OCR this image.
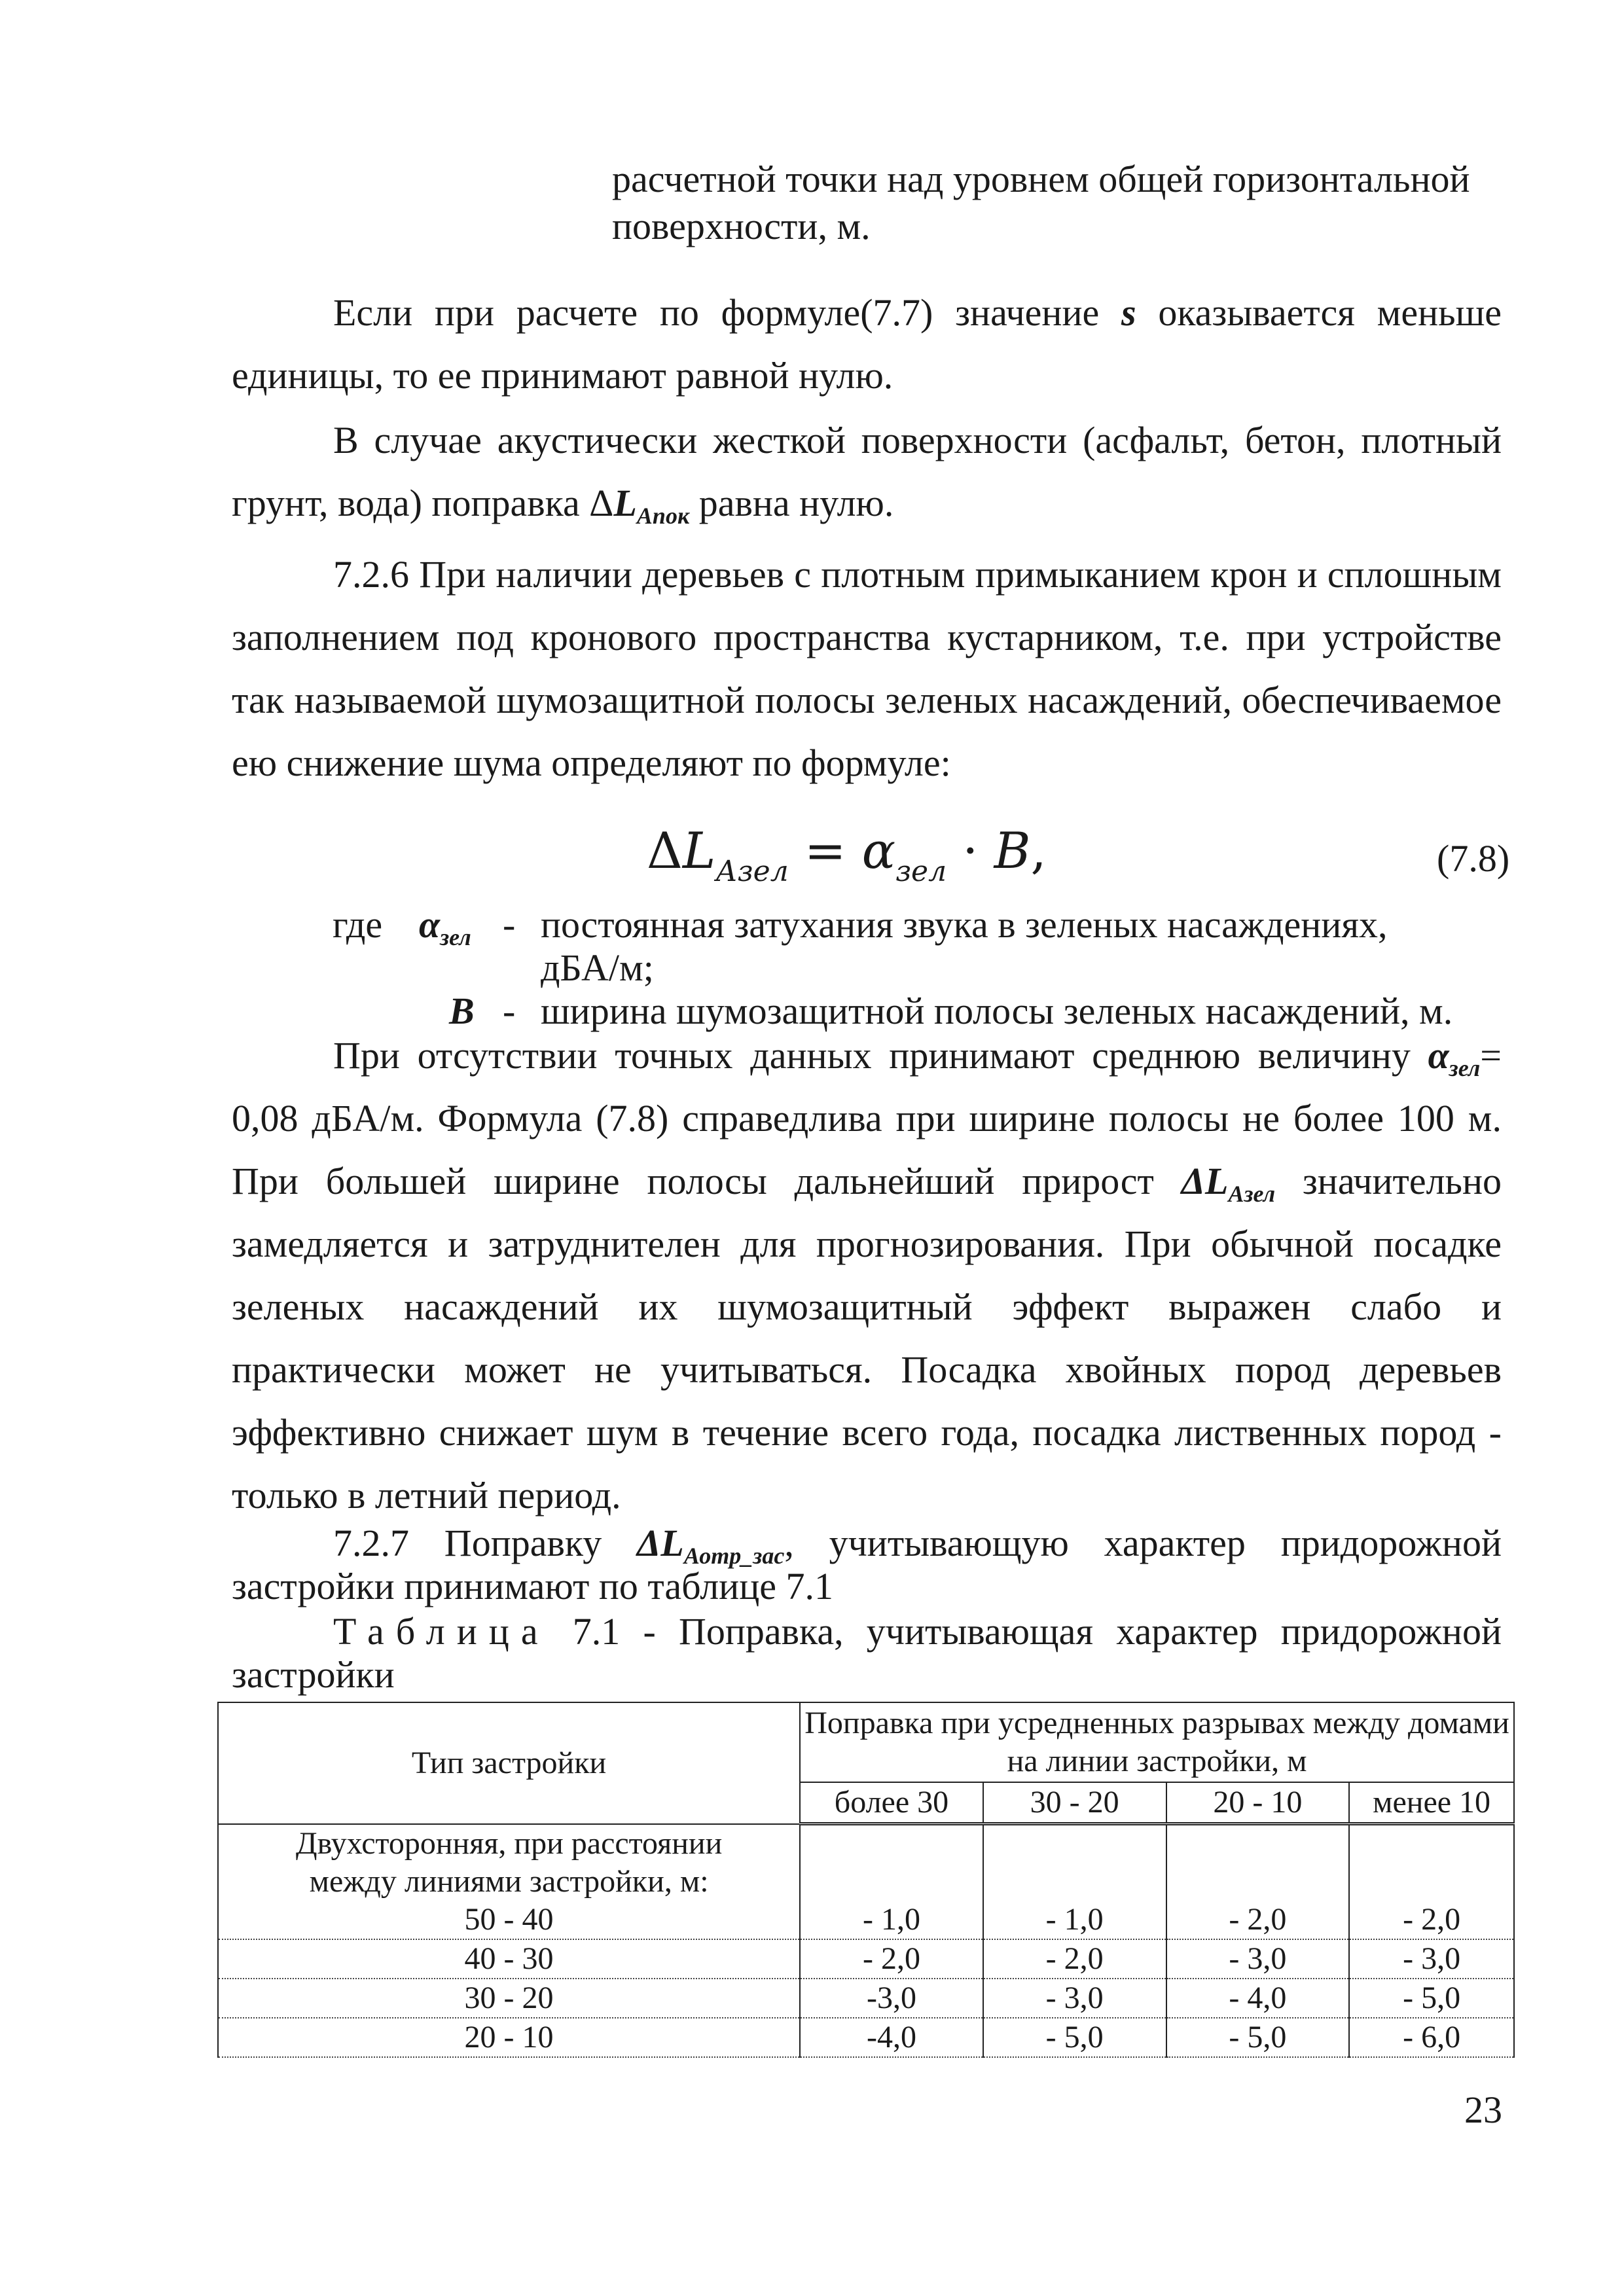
расчетной точки над уровнем общей горизонтальной
поверхности, м.

Если при расчете по формуле(7.7) значение s оказывается меньше единицы, то ее принимают равной нулю.

В случае акустически жесткой поверхности (асфальт, бетон, плотный грунт, вода) поправка $\Delta L_{Апок}$ равна нулю.

7.2.6 При наличии деревьев с плотным примыканием крон и сплошным заполнением под кронового пространства кустарником, т.е. при устройстве так называемой шумозащитной полосы зеленых насаждений, обеспечиваемое ею снижение шума определяют по формуле:

$\Delta L_{Азел} = \alpha_{зел} \cdot B$,	(7.8)
где $\alpha_{зел}$ - постоянная затухания звука в зеленых насаждениях,
дБА/м;
B - ширина шумозащитной полосы зеленых насаждений, м.

При отсутствии точных данных принимают среднюю величину $\alpha_{зел}= 0,08$ дБА/м. Формула (7.8) справедлива при ширине полосы не более 100 м. При большей ширине полосы дальнейший прирост $\Delta L_{Азел}$ значительно замедляется и затруднителен для прогнозирования. При обычной посадке зеленых насаждений их шумозащитный эффект выражен слабо и практически может не учитываться. Посадка хвойных пород деревьев эффективно снижает шум в течение всего года, посадка лиственных пород - только в летний период.

7.2.7 Поправку $\Delta L_{Аотр\_зас}$, учитывающую характер придорожной застройки принимают по таблице 7.1

Таблица 7.1 - Поправка, учитывающая характер придорожной застройки
Тип застройки	Поправка при усредненных разрывах между домами на линии застройки, м			
	более 30	30 - 20	20 - 10	менее 10

Двухсторонняя, при расстоянии
между линиями застройки, м:
50 - 40	- 1,0	- 1,0	- 2,0	- 2,0
40 - 30	- 2,0	- 2,0	- 3,0	- 3,0
30 - 20	-3,0	- 3,0	- 4,0	- 5,0
20 - 10	-4,0	- 5,0	- 5,0	- 6,0
23
